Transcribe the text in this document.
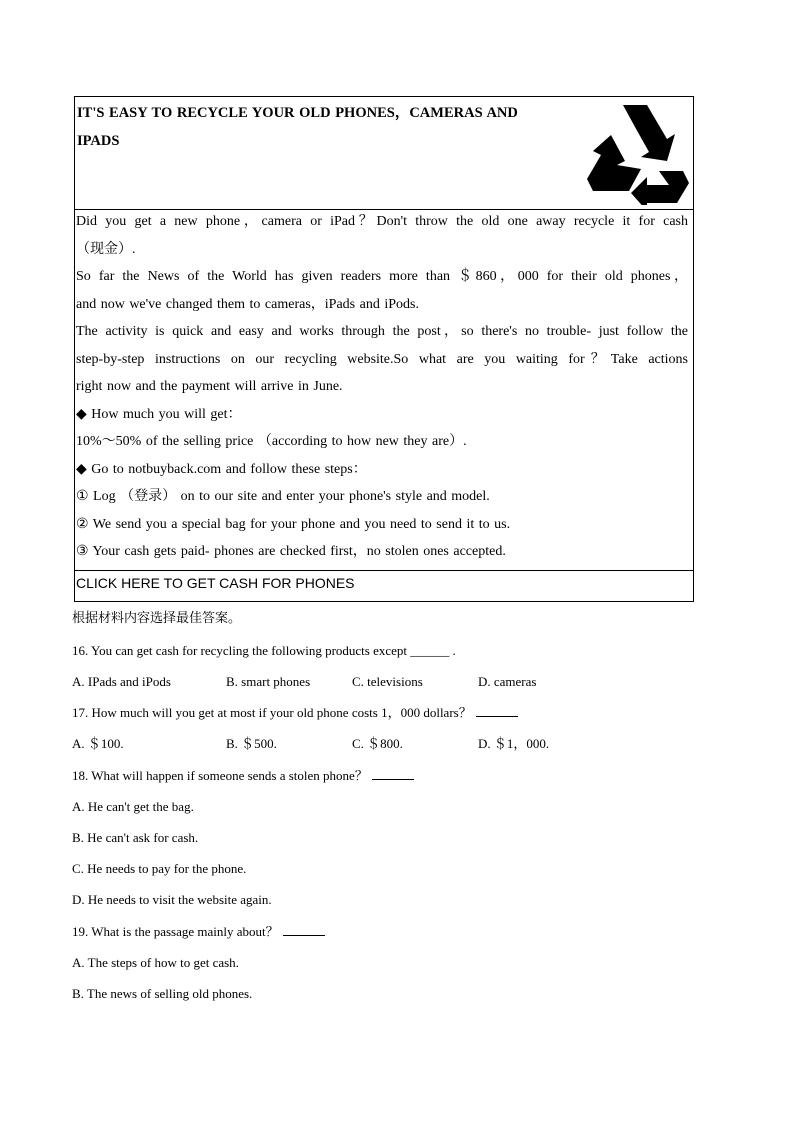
IT'S EASY TO RECYCLE YOUR OLD PHONES，CAMERAS AND
IPADS
Did you get a new phone，camera or iPad？Don't throw the old one away recycle it for cash
（现金）.
So far the News of the World has given readers more than ＄860，000 for their old phones，
and now we've changed them to cameras，iPads and iPods.
The activity is quick and easy and works through the post，so there's no trouble- just follow the
step-by-step instructions on our recycling website.So what are you waiting for？Take actions
right now and the payment will arrive in June.
◆ How much you will get：
10%～50% of the selling price （according to how new they are）.
◆ Go to notbuyback.com and follow these steps：
① Log （登录） on to our site and enter your phone's style and model.
② We send you a special bag for your phone and you need to send it to us.
③ Your cash gets paid- phones are checked first，no stolen ones accepted.
CLICK HERE TO GET CASH FOR PHONES
根据材料内容选择最佳答案。
16. You can get cash for recycling the following products except ______ .
A. IPads and iPods	B. smart phones	C. televisions	D. cameras
17. How much will you get at most if your old phone costs 1，000 dollars？
A. ＄100.	B. ＄500.	C. ＄800.	D. ＄1，000.
18. What will happen if someone sends a stolen phone？
A. He can't get the bag.
B. He can't ask for cash.
C. He needs to pay for the phone.
D. He needs to visit the website again.
19. What is the passage mainly about？
A. The steps of how to get cash.
B. The news of selling old phones.
